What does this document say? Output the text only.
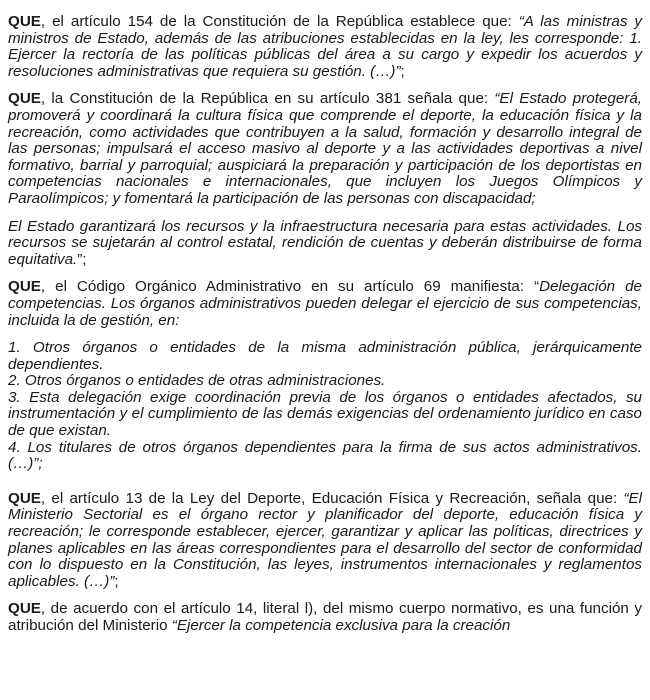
QUE, el artículo 154 de la Constitución de la República establece que: “A las ministras y ministros de Estado, además de las atribuciones establecidas en la ley, les corresponde: 1. Ejercer la rectoría de las políticas públicas del área a su cargo y expedir los acuerdos y resoluciones administrativas que requiera su gestión. (…)”;

QUE, la Constitución de la República en su artículo 381 señala que: “El Estado protegerá, promoverá y coordinará la cultura física que comprende el deporte, la educación física y la recreación, como actividades que contribuyen a la salud, formación y desarrollo integral de las personas; impulsará el acceso masivo al deporte y a las actividades deportivas a nivel formativo, barrial y parroquial; auspiciará la preparación y participación de los deportistas en competencias nacionales e internacionales, que incluyen los Juegos Olímpicos y Paraolímpicos; y fomentará la participación de las personas con discapacidad;

El Estado garantizará los recursos y la infraestructura necesaria para estas actividades. Los recursos se sujetarán al control estatal, rendición de cuentas y deberán distribuirse de forma equitativa.”;

QUE, el Código Orgánico Administrativo en su artículo 69 manifiesta: “Delegación de competencias. Los órganos administrativos pueden delegar el ejercicio de sus competencias, incluida la de gestión, en:

1. Otros órganos o entidades de la misma administración pública, jerárquicamente dependientes.
2. Otros órganos o entidades de otras administraciones.
3. Esta delegación exige coordinación previa de los órganos o entidades afectados, su instrumentación y el cumplimiento de las demás exigencias del ordenamiento jurídico en caso de que existan.
4. Los titulares de otros órganos dependientes para la firma de sus actos administrativos. (…)”;

QUE, el artículo 13 de la Ley del Deporte, Educación Física y Recreación, señala que: “El Ministerio Sectorial es el órgano rector y planificador del deporte, educación física y recreación; le corresponde establecer, ejercer, garantizar y aplicar las políticas, directrices y planes aplicables en las áreas correspondientes para el desarrollo del sector de conformidad con lo dispuesto en la Constitución, las leyes, instrumentos internacionales y reglamentos aplicables. (…)”;

QUE, de acuerdo con el artículo 14, literal l), del mismo cuerpo normativo, es una función y atribución del Ministerio “Ejercer la competencia exclusiva para la creación
